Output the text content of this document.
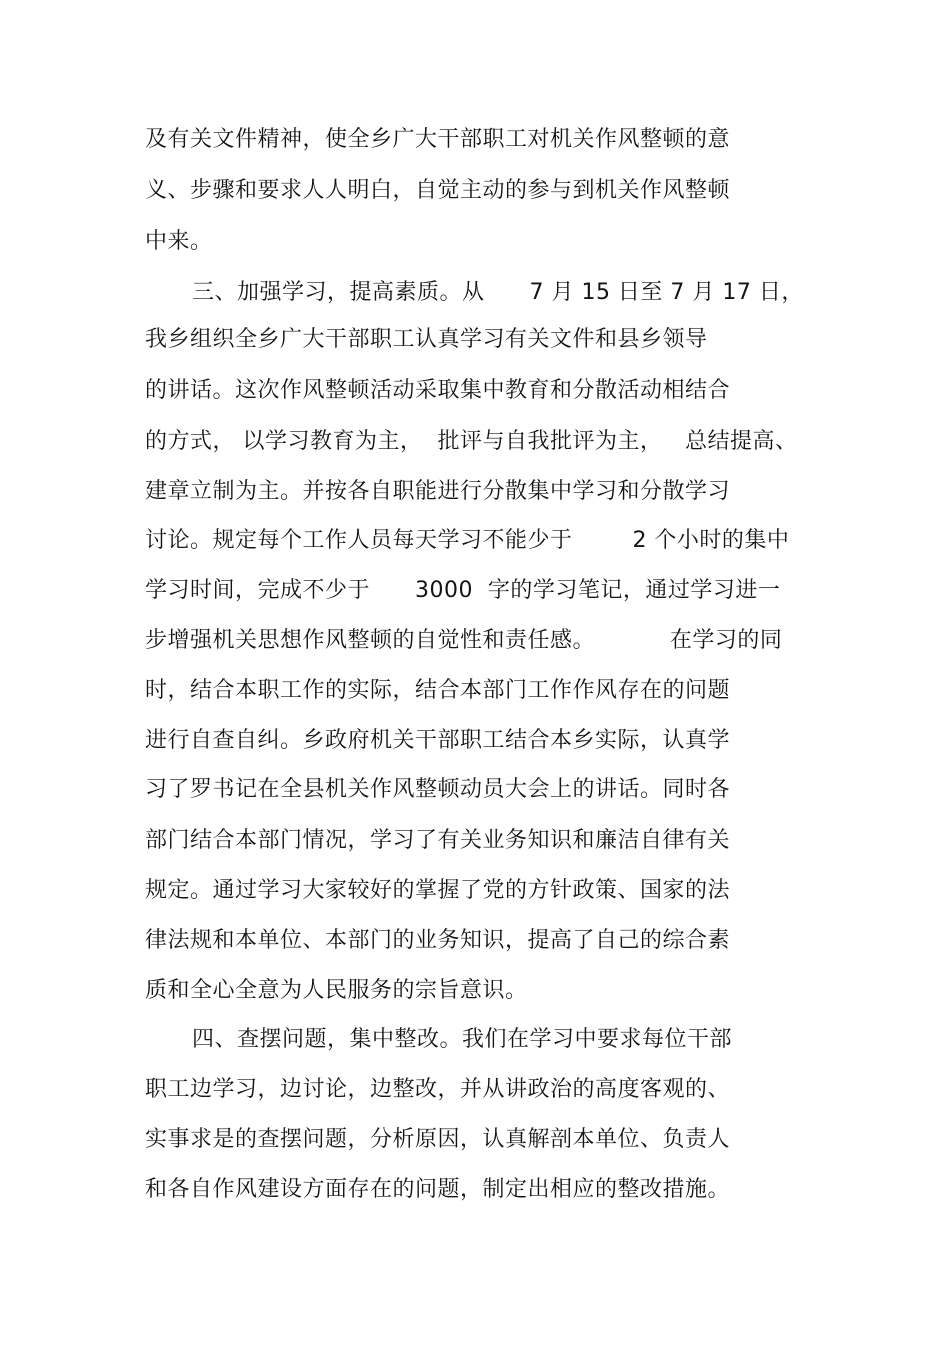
及有关文件精神，使全乡广大干部职工对机关作风整顿的意
义、步骤和要求人人明白，自觉主动的参与到机关作风整顿
中来。
三、加强学习，提高素质。从      7 月 15 日至 7 月 17 日，
我乡组织全乡广大干部职工认真学习有关文件和县乡领导
的讲话。这次作风整顿活动采取集中教育和分散活动相结合
的方式， 以学习教育为主，  批评与自我批评为主，   总结提高、
建章立制为主。并按各自职能进行分散集中学习和分散学习
讨论。规定每个工作人员每天学习不能少于        2 个小时的集中
学习时间，完成不少于      3000  字的学习笔记，通过学习进一
步增强机关思想作风整顿的自觉性和责任感。          在学习的同
时，结合本职工作的实际，结合本部门工作作风存在的问题
进行自查自纠。乡政府机关干部职工结合本乡实际，认真学
习了罗书记在全县机关作风整顿动员大会上的讲话。同时各
部门结合本部门情况，学习了有关业务知识和廉洁自律有关
规定。通过学习大家较好的掌握了党的方针政策、国家的法
律法规和本单位、本部门的业务知识，提高了自己的综合素
质和全心全意为人民服务的宗旨意识。
四、查摆问题，集中整改。我们在学习中要求每位干部
职工边学习，边讨论，边整改，并从讲政治的高度客观的、
实事求是的查摆问题，分析原因，认真解剖本单位、负责人
和各自作风建设方面存在的问题，制定出相应的整改措施。
